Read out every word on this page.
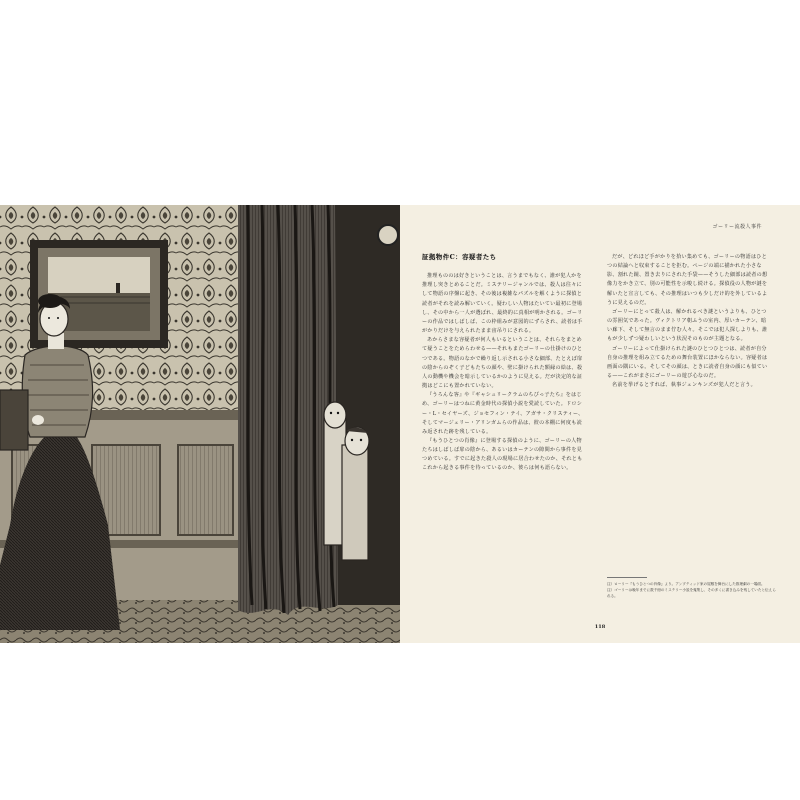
ゴーリー流殺人事件
証拠物件C：容疑者たち

推理もののは好きということは、言うまでもなく、誰が犯人かを推理し突きとめることだ。ミステリージャンルでは、殺人は往々にして物語の序盤に起き、その後は複雑なパズルを解くように探偵と読者がそれを読み解いていく。疑わしい人物はたいてい最初に登場し、その中から一人が選ばれ、最終的に真相が明かされる。ゴーリーの作品ではしばしば、この枠組みが意図的にずらされ、読者は手がかりだけを与えられたまま宙吊りにされる。

あからさまな容疑者が何人もいるということは、それらをまとめて疑うことをためらわせる——それもまたゴーリーの仕掛けのひとつである。物語のなかで繰り返し示される小さな細部、たとえば扉の陰からのぞく子どもたちの顔や、壁に掛けられた額縁の絵は、殺人の動機や機会を暗示しているかのように見える。だが決定的な証拠はどこにも置かれていない。

『うろんな客』や『ギャシュリークラムのちびっ子たち』をはじめ、ゴーリーはつねに黄金時代の探偵小説を愛読していた。ドロシー・L・セイヤーズ、ジョセフィン・テイ、アガサ・クリスティー、そしてマージェリー・アリンガムらの作品は、彼の本棚に何度も読み返された跡を残している。

『もうひとつの肖像』に登場する探偵のように、ゴーリーの人物たちはしばしば扉の陰から、あるいはカーテンの隙間から事件を見つめている。すでに起きた殺人の現場に居合わせたのか、それともこれから起きる事件を待っているのか、彼らは何も語らない。

だが、どれほど手がかりを拾い集めても、ゴーリーの物語はひとつの結論へと収束することを拒む。ページの端に描かれた小さな影、割れた鏡、置き去りにされた手袋——そうした細部は読者の想像力をかき立て、別の可能性を示唆し続ける。探偵役の人物が謎を解いたと宣言しても、その推理はいつも少しだけ的を外しているように見えるのだ。

ゴーリーにとって殺人は、解かれるべき謎というよりも、ひとつの雰囲気であった。ヴィクトリア朝ふうの室内、厚いカーテン、暗い廊下、そして無言のまま佇む人々。そこでは犯人探しよりも、誰もが少しずつ疑わしいという状況そのものが主題となる。

ゴーリーによって仕掛けられた謎のひとつひとつは、読者が自分自身の推理を組み立てるための舞台装置にほかならない。容疑者は画面の隅にいる。そしてその顔は、ときに読者自身の顔にも似ている——これがまさにゴーリーの遊び心なのだ。

名前を挙げるとすれば、執事ジェンキンズが犯人だと言う。

注）ローリー『もうひとつの肖像』より。アンプティッド家の屋敷を舞台にした推理劇の一場面。

注）ゴーリーは晩年までに数千冊のミステリー小説を蒐集し、その多くに書き込みを残していたと伝えられる。

118
